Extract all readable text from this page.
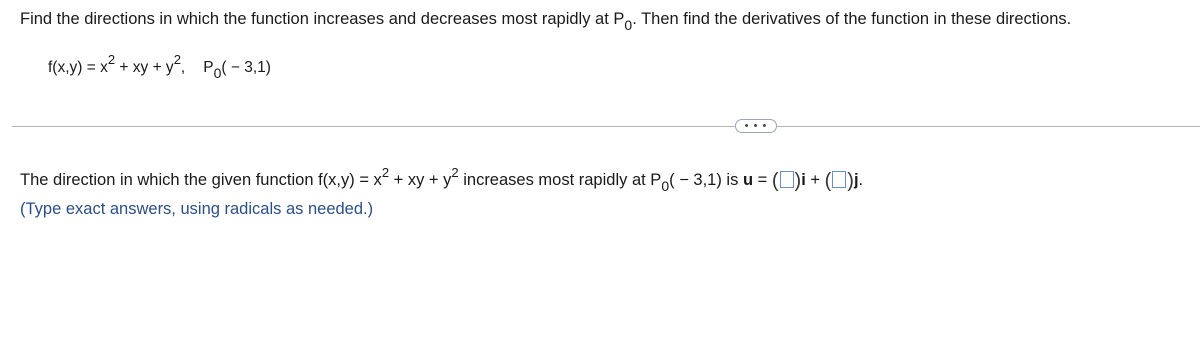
Find the directions in which the function increases and decreases most rapidly at $P_0$. Then find the derivatives of the function in these directions.
$f(x,y) = x^2$ + xy + $y^2$, P0( − 3,1)
• • •
The direction in which the given function $f(x,y) = x^2$ + xy + $y^2$ increases most rapidly at $P_0( - 3,1)$ is u = ( )i + ( )j.
(Type exact answers, using radicals as needed.)
